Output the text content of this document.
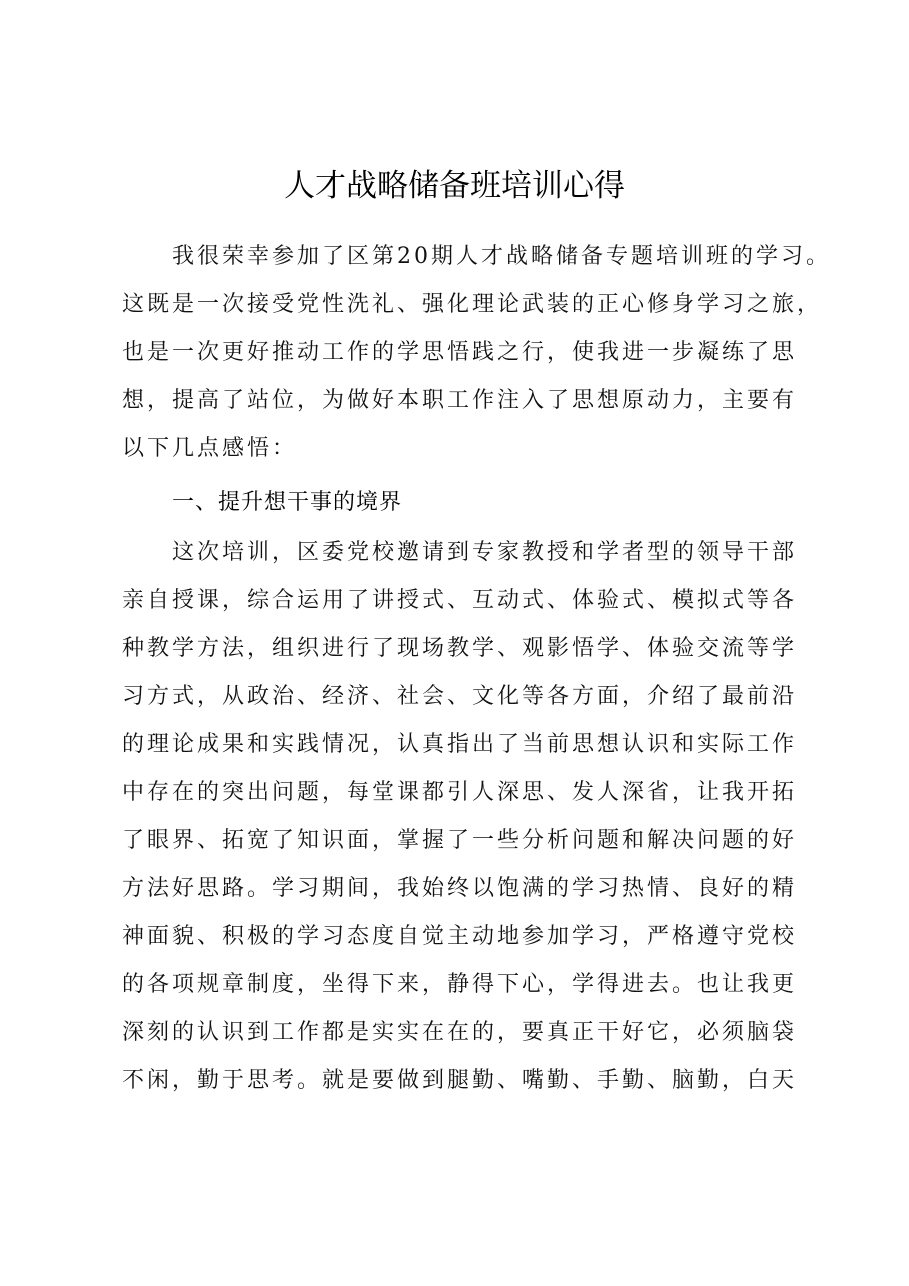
人才战略储备班培训心得
我很荣幸参加了区第20期人才战略储备专题培训班的学习。
这既是一次接受党性洗礼、强化理论武装的正心修身学习之旅，
也是一次更好推动工作的学思悟践之行，使我进一步凝练了思
想，提高了站位，为做好本职工作注入了思想原动力，主要有
以下几点感悟：
一、提升想干事的境界
这次培训，区委党校邀请到专家教授和学者型的领导干部
亲自授课，综合运用了讲授式、互动式、体验式、模拟式等各
种教学方法，组织进行了现场教学、观影悟学、体验交流等学
习方式，从政治、经济、社会、文化等各方面，介绍了最前沿
的理论成果和实践情况，认真指出了当前思想认识和实际工作
中存在的突出问题，每堂课都引人深思、发人深省，让我开拓
了眼界、拓宽了知识面，掌握了一些分析问题和解决问题的好
方法好思路。学习期间，我始终以饱满的学习热情、良好的精
神面貌、积极的学习态度自觉主动地参加学习，严格遵守党校
的各项规章制度，坐得下来，静得下心，学得进去。也让我更
深刻的认识到工作都是实实在在的，要真正干好它，必须脑袋
不闲，勤于思考。就是要做到腿勤、嘴勤、手勤、脑勤，白天
